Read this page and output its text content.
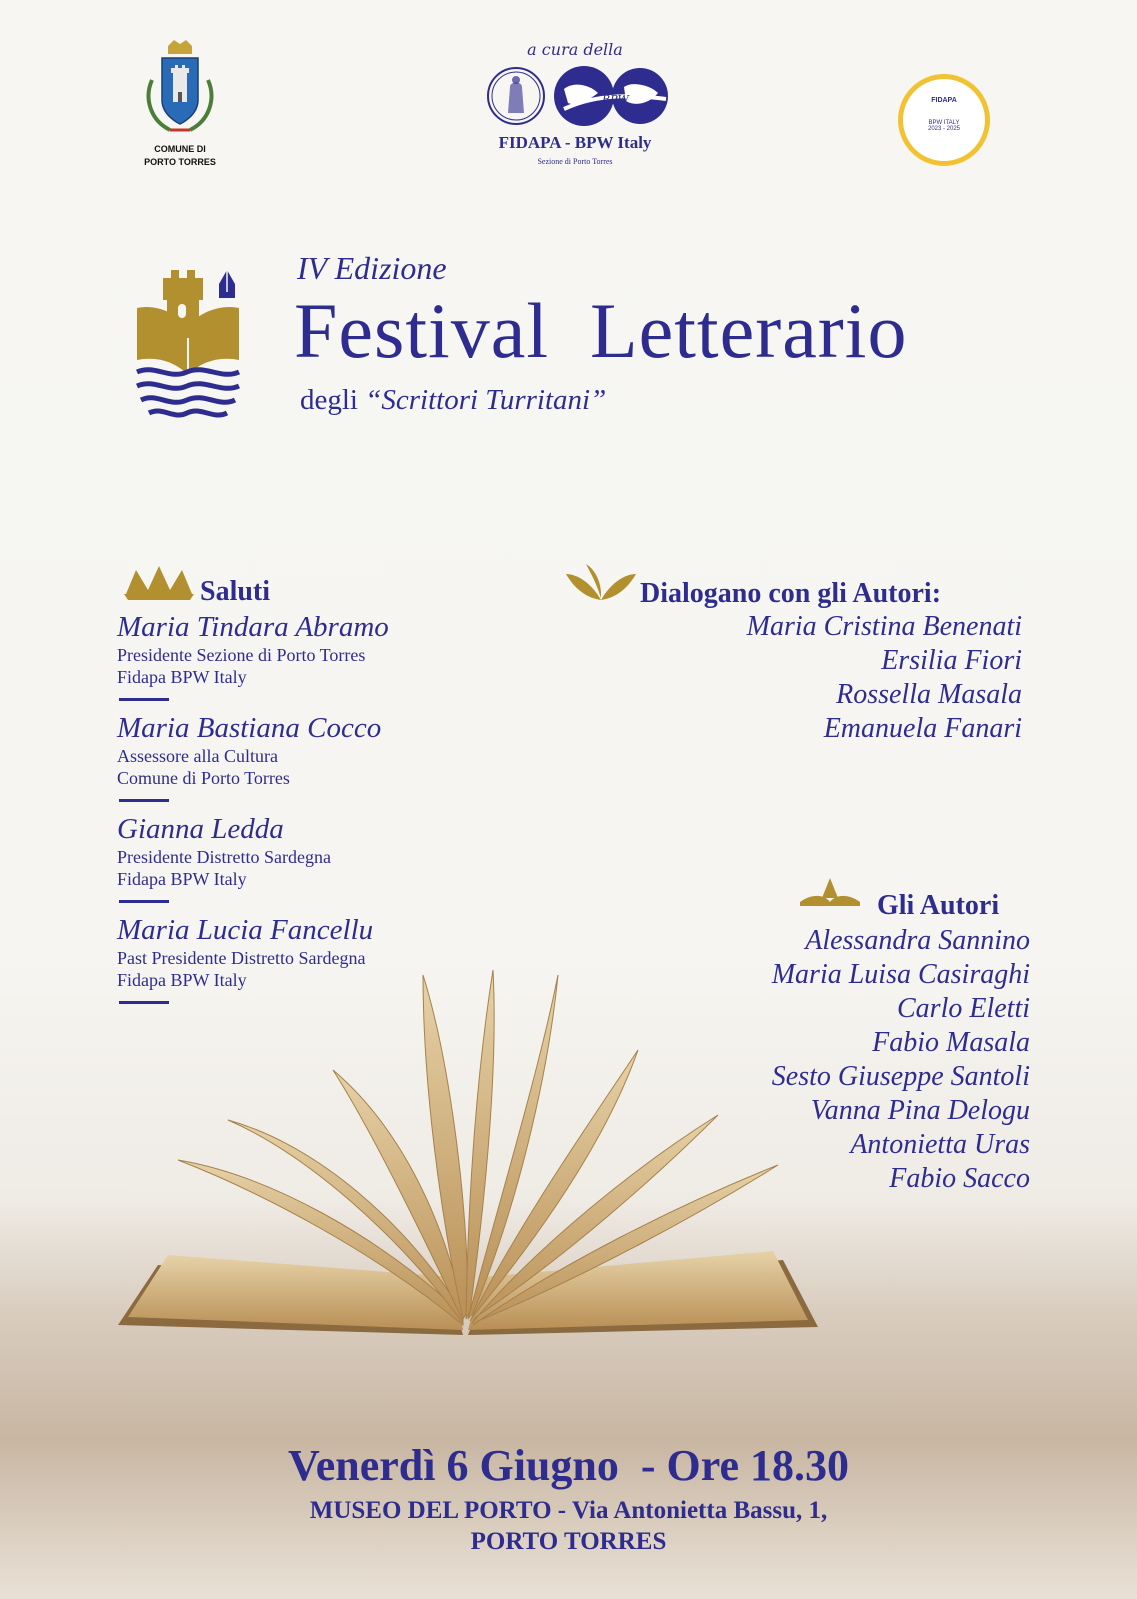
COMUNE DI
PORTO TORRES
a cura della
BPW
FIDAPA - BPW Italy
Sezione di Porto Torres
FIDAPA
BPW ITALY
2023 - 2025
IV Edizione
Festival  Letterario
degli “Scrittori Turritani”
Saluti
Maria Tindara Abramo
Presidente Sezione di Porto Torres
Fidapa BPW Italy
Maria Bastiana Cocco
Assessore alla Cultura
Comune di Porto Torres
Gianna Ledda
Presidente Distretto Sardegna
Fidapa BPW Italy
Maria Lucia Fancellu
Past Presidente Distretto Sardegna
Fidapa BPW Italy
Dialogano con gli Autori:
Maria Cristina Benenati
Ersilia Fiori
Rossella Masala
Emanuela Fanari
Gli Autori
Alessandra Sannino
Maria Luisa Casiraghi
Carlo Eletti
Fabio Masala
Sesto Giuseppe Santoli
Vanna Pina Delogu
Antonietta Uras
Fabio Sacco
Venerdì 6 Giugno  - Ore 18.30
MUSEO DEL PORTO - Via Antonietta Bassu, 1,
PORTO TORRES
